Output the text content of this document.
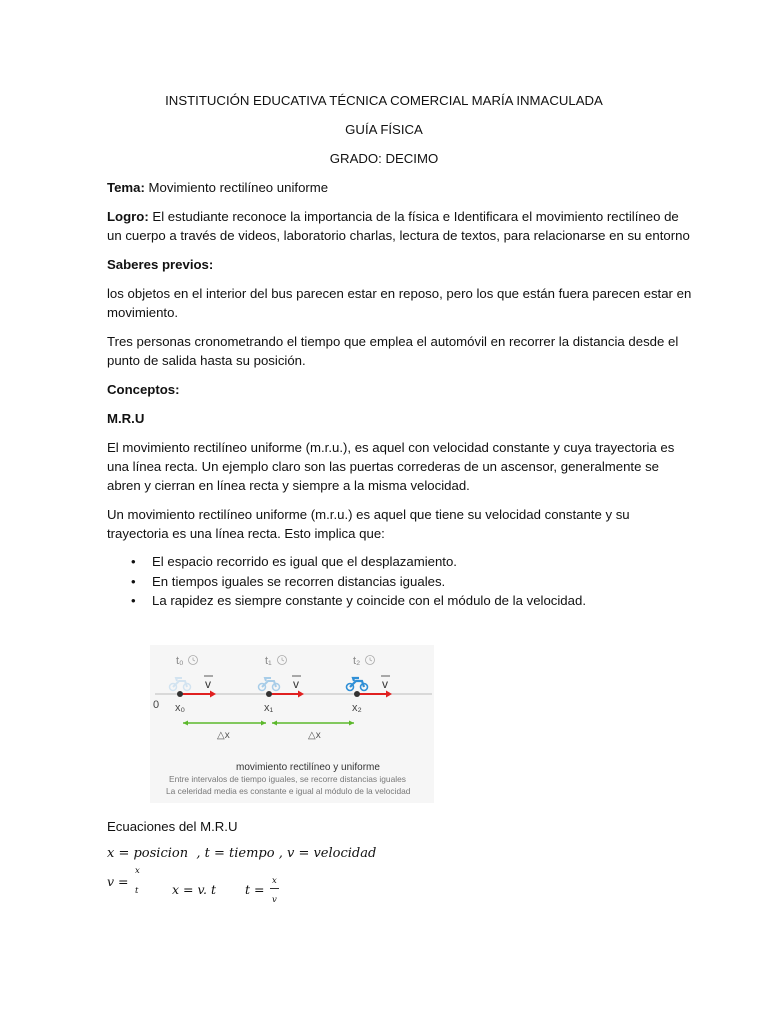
INSTITUCIÓN EDUCATIVA TÉCNICA COMERCIAL MARÍA INMACULADA
GUÍA FÍSICA
GRADO: DECIMO
Tema: Movimiento rectilíneo uniforme
Logro: El estudiante reconoce la importancia de la física e Identificara el movimiento rectilíneo de
un cuerpo a través de videos, laboratorio charlas, lectura de textos, para relacionarse en su entorno
Saberes previos:
los objetos en el interior del bus parecen estar en reposo, pero los que están fuera parecen estar en
movimiento.
Tres personas cronometrando el tiempo que emplea el automóvil en recorrer la distancia desde el
punto de salida hasta su posición.
Conceptos:
M.R.U
El movimiento rectilíneo uniforme (m.r.u.), es aquel con velocidad constante y cuya trayectoria es
una línea recta. Un ejemplo claro son las puertas correderas de un ascensor, generalmente se
abren y cierran en línea recta y siempre a la misma velocidad.
Un movimiento rectilíneo uniforme (m.r.u.) es aquel que tiene su velocidad constante y su
trayectoria es una línea recta. Esto implica que:
• El espacio recorrido es igual que el desplazamiento.
• En tiempos iguales se recorren distancias iguales.
• La rapidez es siempre constante y coincide con el módulo de la velocidad.
t₀	t₁	t₂
v	v	v
0 x₀	x₁	x₂
△x	△x
movimiento rectilíneo y uniforme
Entre intervalos de tiempo iguales, se recorre distancias iguales
La celeridad media es constante e igual al módulo de la velocidad
Ecuaciones del M.R.U
x = posicion  , t = tiempo , v = velocidad
v =
x
t	x = v. t t =
x
v
